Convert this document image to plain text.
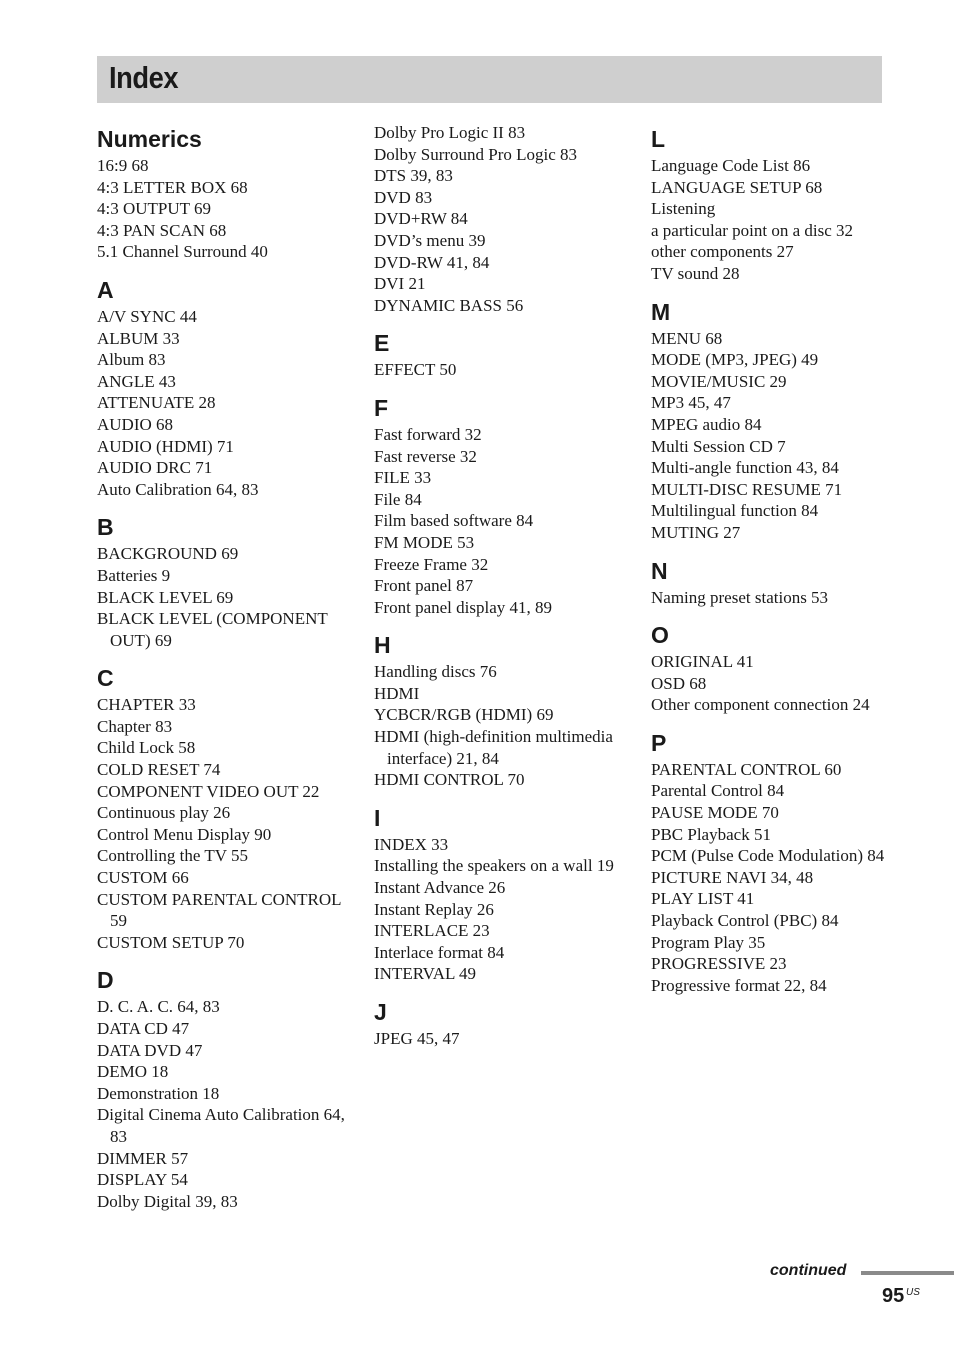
Index
Numerics
16:9 68
4:3 LETTER BOX 68
4:3 OUTPUT 69
4:3 PAN SCAN 68
5.1 Channel Surround 40
A
A/V SYNC 44
ALBUM 33
Album 83
ANGLE 43
ATTENUATE 28
AUDIO 68
AUDIO (HDMI) 71
AUDIO DRC 71
Auto Calibration 64, 83
B
BACKGROUND 69
Batteries 9
BLACK LEVEL 69
BLACK LEVEL (COMPONENT OUT) 69
C
CHAPTER 33
Chapter 83
Child Lock 58
COLD RESET 74
COMPONENT VIDEO OUT 22
Continuous play 26
Control Menu Display 90
Controlling the TV 55
CUSTOM 66
CUSTOM PARENTAL CONTROL 59
CUSTOM SETUP 70
D
D. C. A. C. 64, 83
DATA CD 47
DATA DVD 47
DEMO 18
Demonstration 18
Digital Cinema Auto Calibration 64, 83
DIMMER 57
DISPLAY 54
Dolby Digital 39, 83
Dolby Pro Logic II 83
Dolby Surround Pro Logic 83
DTS 39, 83
DVD 83
DVD+RW 84
DVD’s menu 39
DVD-RW 41, 84
DVI 21
DYNAMIC BASS 56
E
EFFECT 50
F
Fast forward 32
Fast reverse 32
FILE 33
File 84
Film based software 84
FM MODE 53
Freeze Frame 32
Front panel 87
Front panel display 41, 89
H
Handling discs 76
HDMI
YCBCR/RGB (HDMI) 69
HDMI (high-definition multimedia interface) 21, 84
HDMI CONTROL 70
I
INDEX 33
Installing the speakers on a wall 19
Instant Advance 26
Instant Replay 26
INTERLACE 23
Interlace format 84
INTERVAL 49
J
JPEG 45, 47
L
Language Code List 86
LANGUAGE SETUP 68
Listening
a particular point on a disc 32
other components 27
TV sound 28
M
MENU 68
MODE (MP3, JPEG) 49
MOVIE/MUSIC 29
MP3 45, 47
MPEG audio 84
Multi Session CD 7
Multi-angle function 43, 84
MULTI-DISC RESUME 71
Multilingual function 84
MUTING 27
N
Naming preset stations 53
O
ORIGINAL 41
OSD 68
Other component connection 24
P
PARENTAL CONTROL 60
Parental Control 84
PAUSE MODE 70
PBC Playback 51
PCM (Pulse Code Modulation) 84
PICTURE NAVI 34, 48
PLAY LIST 41
Playback Control (PBC) 84
Program Play 35
PROGRESSIVE 23
Progressive format 22, 84
continued
95 US
